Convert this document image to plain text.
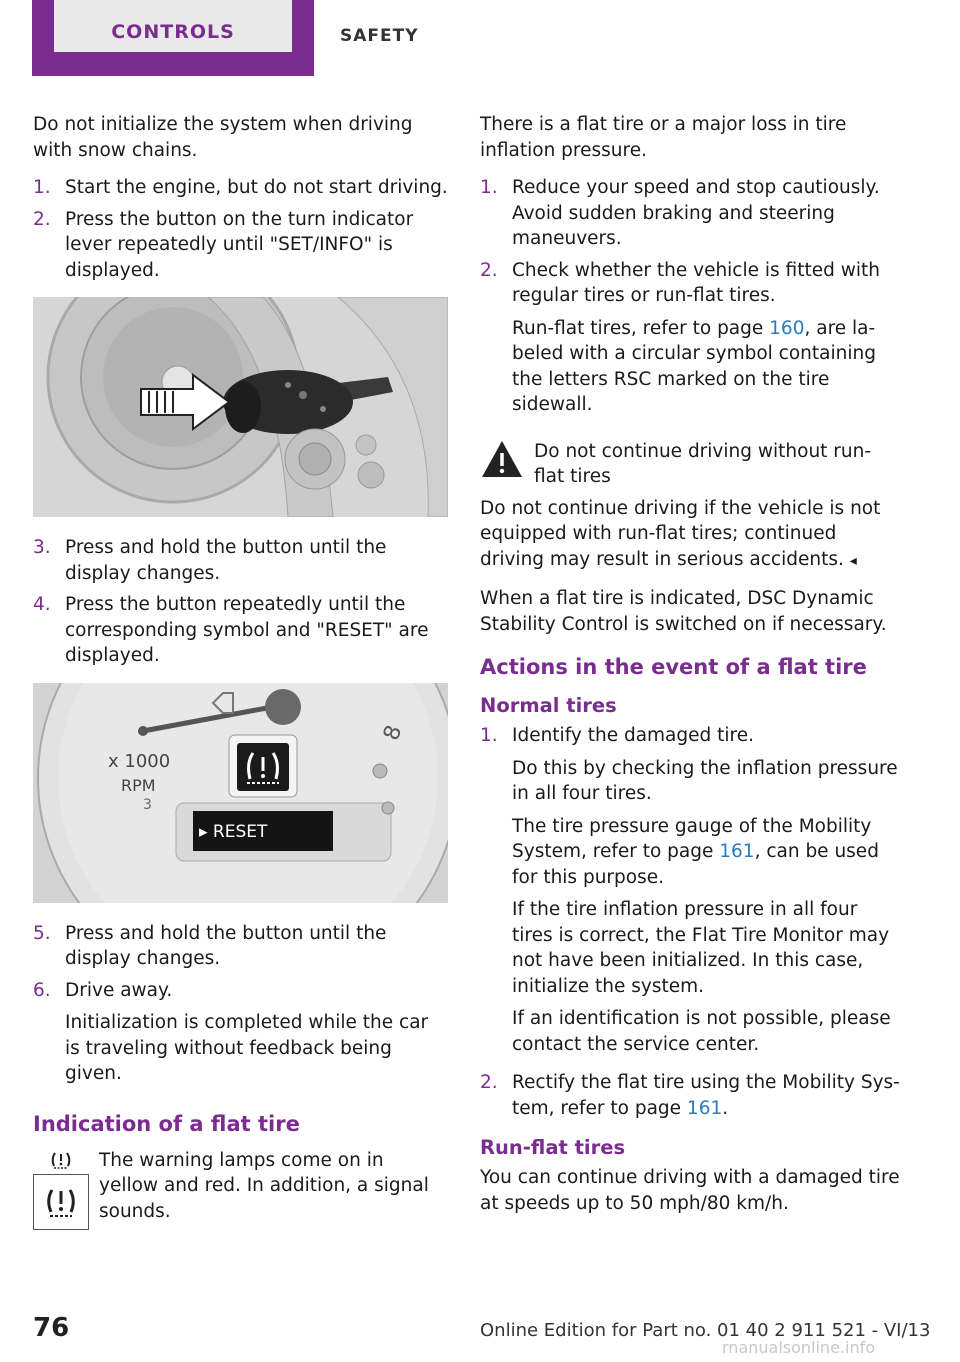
CONTROLS	SAFETY

Do not initialize the system when driving with snow chains.

1. Start the engine, but do not start driving.
2. Press the button on the turn indicator lever repeatedly until "SET/INFO" is displayed.
3. Press and hold the button until the display changes.
4. Press the button repeatedly until the corresponding symbol and "RESET" are displayed.
x 1000
RPM
8
3
▸ RESET
5. Press and hold the button until the display changes.
6. Drive away.

Initialization is completed while the car is traveling without feedback being given.

Indication of a flat tire
The warning lamps come on in yellow and red. In addition, a signal sounds.

There is a flat tire or a major loss in tire inflation pressure.

1. Reduce your speed and stop cautiously. Avoid sudden braking and steering maneuvers.
2. Check whether the vehicle is fitted with regular tires or run-flat tires.

Run-flat tires, refer to page 160, are labeled with a circular symbol containing the letters RSC marked on the tire sidewall.

Do not continue driving without run-flat tires

Do not continue driving if the vehicle is not equipped with run-flat tires; continued driving may result in serious accidents. ◂

When a flat tire is indicated, DSC Dynamic Stability Control is switched on if necessary.

Actions in the event of a flat tire
Normal tires
1. Identify the damaged tire.

Do this by checking the inflation pressure in all four tires.

The tire pressure gauge of the Mobility System, refer to page 161, can be used for this purpose.

If the tire inflation pressure in all four tires is correct, the Flat Tire Monitor may not have been initialized. In this case, initialize the system.

If an identification is not possible, please contact the service center.

2. Rectify the flat tire using the Mobility System, refer to page 161.
Run-flat tires

You can continue driving with a damaged tire at speeds up to 50 mph/80 km/h.

76	Online Edition for Part no. 01 40 2 911 521 - VI/13
rnanualsonline.info
